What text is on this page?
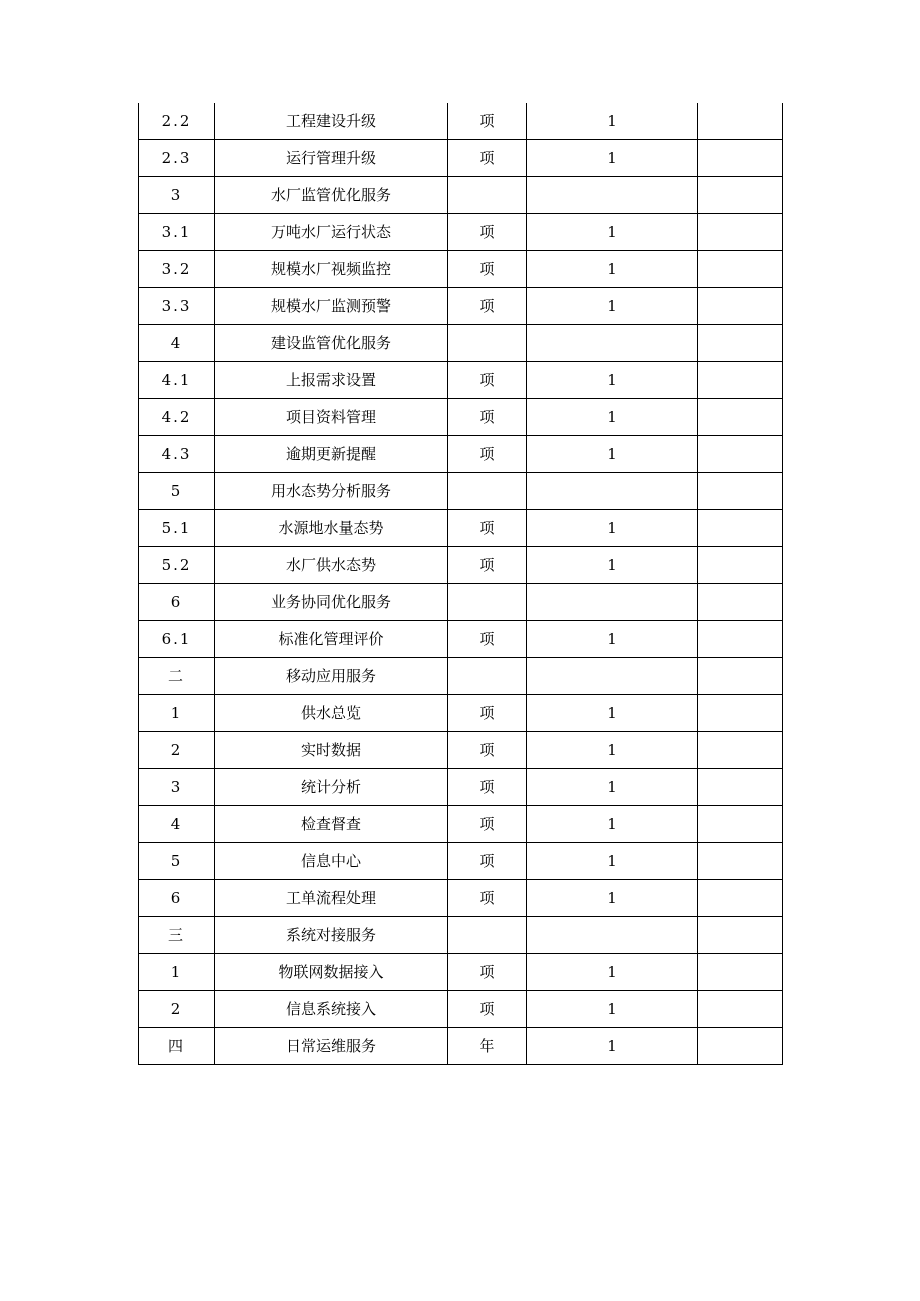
2.2	工程建设升级	项	1	
2.3	运行管理升级	项	1	
3	水厂监管优化服务			
3.1	万吨水厂运行状态	项	1	
3.2	规模水厂视频监控	项	1	
3.3	规模水厂监测预警	项	1	
4	建设监管优化服务			
4.1	上报需求设置	项	1	
4.2	项目资料管理	项	1	
4.3	逾期更新提醒	项	1	
5	用水态势分析服务			
5.1	水源地水量态势	项	1	
5.2	水厂供水态势	项	1	
6	业务协同优化服务			
6.1	标准化管理评价	项	1	
二	移动应用服务			
1	供水总览	项	1	
2	实时数据	项	1	
3	统计分析	项	1	
4	检查督查	项	1	
5	信息中心	项	1	
6	工单流程处理	项	1	
三	系统对接服务			
1	物联网数据接入	项	1	
2	信息系统接入	项	1	
四	日常运维服务	年	1	
